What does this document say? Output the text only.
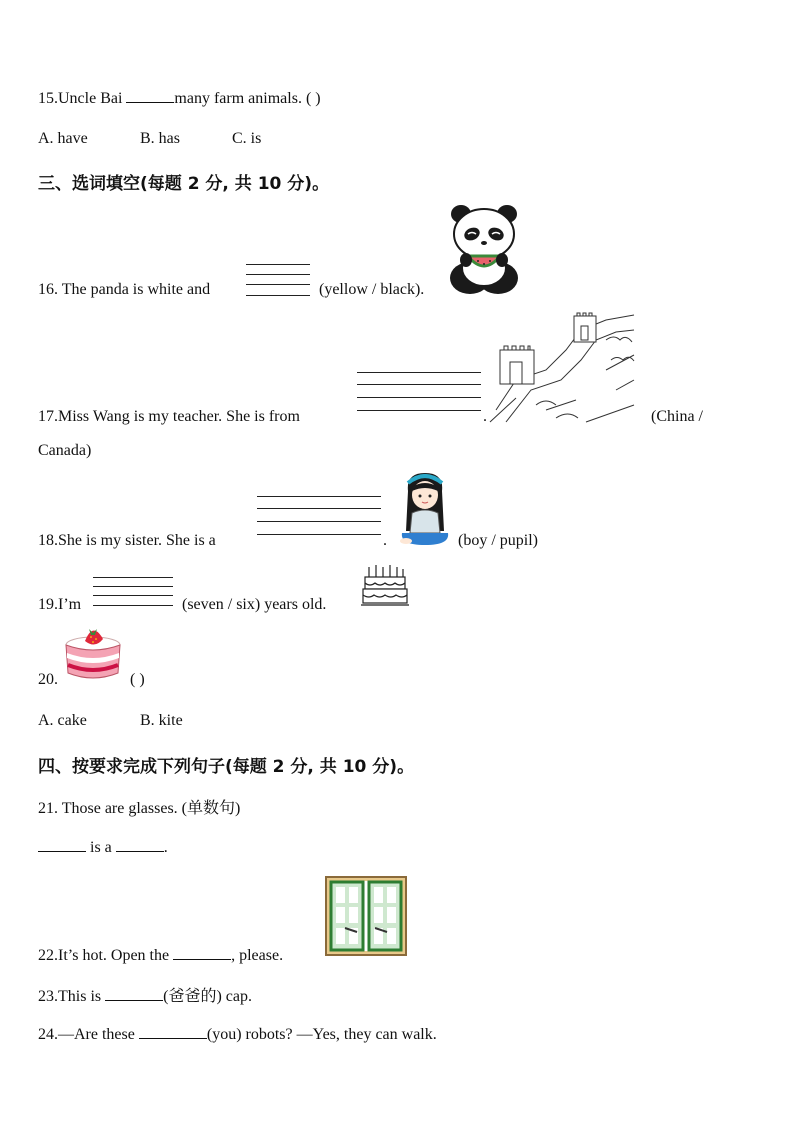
15.Uncle Bai	many farm animals. ( )
A. have	B. has	C. is
三、选词填空(每题 2 分, 共 10 分)。
16. The panda is white and	(yellow / black).
17.Miss Wang is my teacher. She is from	.	(China /
Canada)
18.She is my sister. She is a	.	(boy / pupil)
19.I’m	(seven / six) years old.
20.	( )
A. cake	B. kite
四、按要求完成下列句子(每题 2 分, 共 10 分)。
21. Those are glasses. (单数句)
is a	.
22.It’s hot. Open the	, please.
23.This is	(爸爸的) cap.
24.—Are these	(you) robots? —Yes, they can walk.
